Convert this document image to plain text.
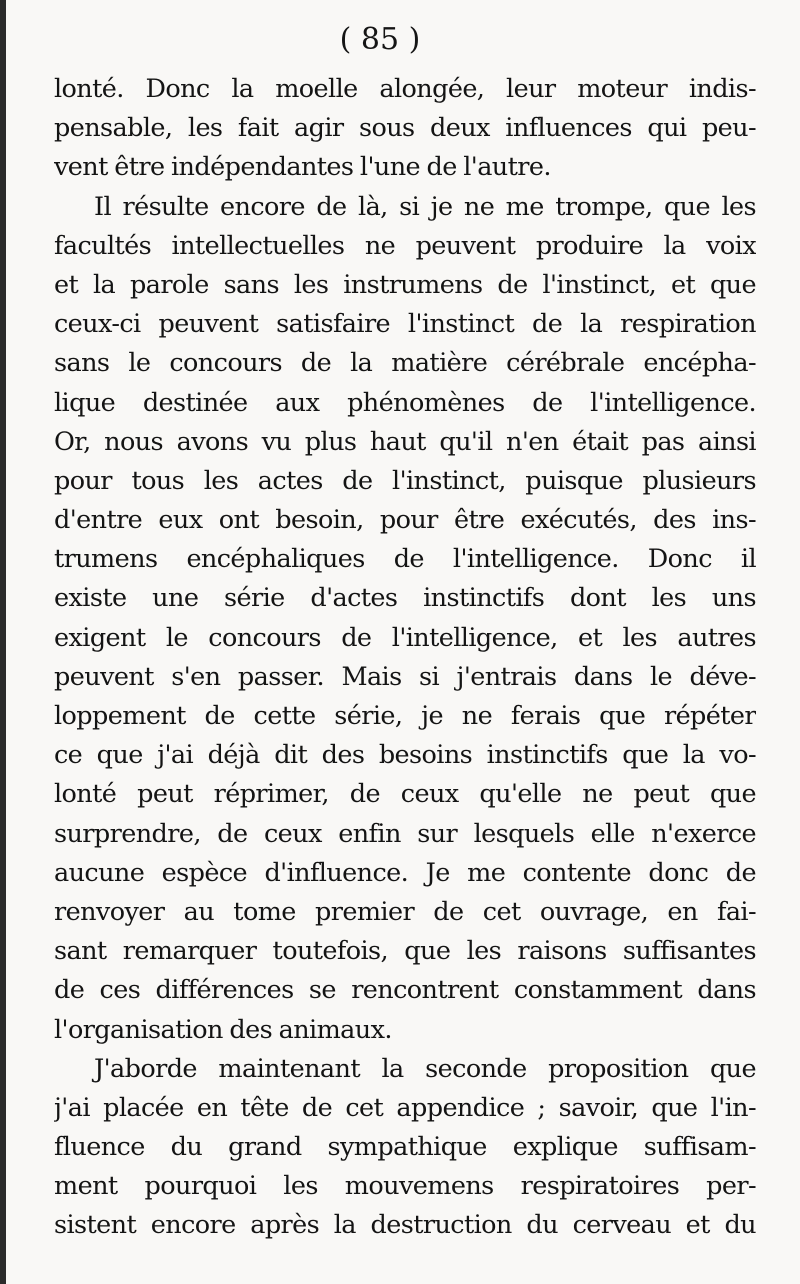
( 85 )
lonté. Donc la moelle alongée, leur moteur indis-
pensable, les fait agir sous deux influences qui peu-
vent être indépendantes l'une de l'autre.
Il résulte encore de là, si je ne me trompe, que les
facultés intellectuelles ne peuvent produire la voix
et la parole sans les instrumens de l'instinct, et que
ceux-ci peuvent satisfaire l'instinct de la respiration
sans le concours de la matière cérébrale encépha-
lique destinée aux phénomènes de l'intelligence.
Or, nous avons vu plus haut qu'il n'en était pas ainsi
pour tous les actes de l'instinct, puisque plusieurs
d'entre eux ont besoin, pour être exécutés, des ins-
trumens encéphaliques de l'intelligence. Donc il
existe une série d'actes instinctifs dont les uns
exigent le concours de l'intelligence, et les autres
peuvent s'en passer. Mais si j'entrais dans le déve-
loppement de cette série, je ne ferais que répéter
ce que j'ai déjà dit des besoins instinctifs que la vo-
lonté peut réprimer, de ceux qu'elle ne peut que
surprendre, de ceux enfin sur lesquels elle n'exerce
aucune espèce d'influence. Je me contente donc de
renvoyer au tome premier de cet ouvrage, en fai-
sant remarquer toutefois, que les raisons suffisantes
de ces différences se rencontrent constamment dans
l'organisation des animaux.
J'aborde maintenant la seconde proposition que
j'ai placée en tête de cet appendice ; savoir, que l'in-
fluence du grand sympathique explique suffisam-
ment pourquoi les mouvemens respiratoires per-
sistent encore après la destruction du cerveau et du
